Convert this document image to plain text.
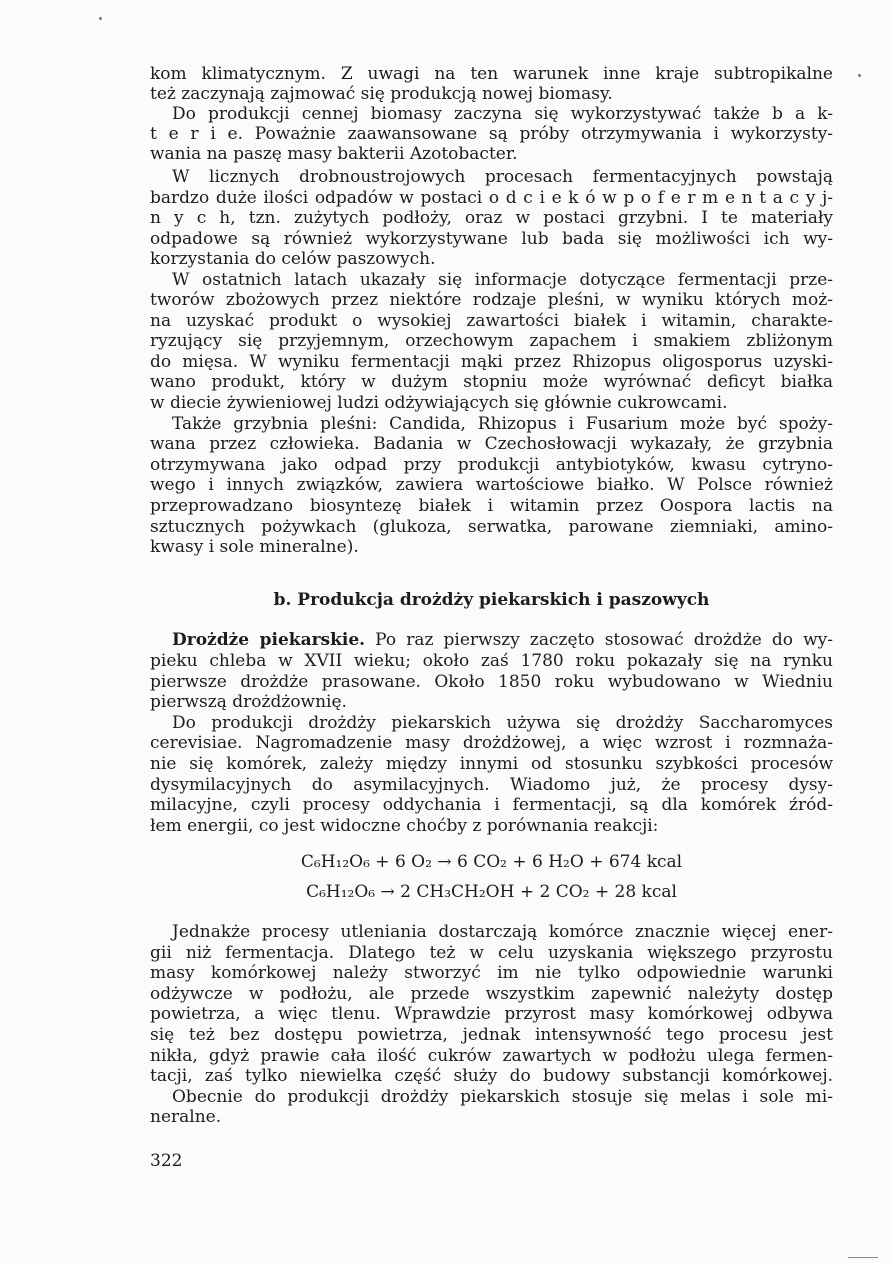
kom klimatycznym. Z uwagi na ten warunek inne kraje subtropikalne
też zaczynają zajmować się produkcją nowej biomasy.
Do produkcji cennej biomasy zaczyna się wykorzystywać także b a k-
t e r i e. Poważnie zaawansowane są próby otrzymywania i wykorzysty-
wania na paszę masy bakterii Azotobacter.
W licznych drobnoustrojowych procesach fermentacyjnych powstają
bardzo duże ilości odpadów w postaci o d c i e k ó w p o f e r m e n t a c y j-
n y c h, tzn. zużytych podłoży, oraz w postaci grzybni. I te materiały
odpadowe są również wykorzystywane lub bada się możliwości ich wy-
korzystania do celów paszowych.
W ostatnich latach ukazały się informacje dotyczące fermentacji prze-
tworów zbożowych przez niektóre rodzaje pleśni, w wyniku których moż-
na uzyskać produkt o wysokiej zawartości białek i witamin, charakte-
ryzujący się przyjemnym, orzechowym zapachem i smakiem zbliżonym
do mięsa. W wyniku fermentacji mąki przez Rhizopus oligosporus uzyski-
wano produkt, który w dużym stopniu może wyrównać deficyt białka
w diecie żywieniowej ludzi odżywiających się głównie cukrowcami.
Także grzybnia pleśni: Candida, Rhizopus i Fusarium może być spoży-
wana przez człowieka. Badania w Czechosłowacji wykazały, że grzybnia
otrzymywana jako odpad przy produkcji antybiotyków, kwasu cytryno-
wego i innych związków, zawiera wartościowe białko. W Polsce również
przeprowadzano biosyntezę białek i witamin przez Oospora lactis na
sztucznych pożywkach (glukoza, serwatka, parowane ziemniaki, amino-
kwasy i sole mineralne).
b. Produkcja drożdży piekarskich i paszowych
Drożdże piekarskie. Po raz pierwszy zaczęto stosować drożdże do wy-
pieku chleba w XVII wieku; około zaś 1780 roku pokazały się na rynku
pierwsze drożdże prasowane. Około 1850 roku wybudowano w Wiedniu
pierwszą drożdżownię.
Do produkcji drożdży piekarskich używa się drożdży Saccharomyces
cerevisiae. Nagromadzenie masy drożdżowej, a więc wzrost i rozmnaża-
nie się komórek, zależy między innymi od stosunku szybkości procesów
dysymilacyjnych do asymilacyjnych. Wiadomo już, że procesy dysy-
milacyjne, czyli procesy oddychania i fermentacji, są dla komórek źród-
łem energii, co jest widoczne choćby z porównania reakcji:
C₆H₁₂O₆ + 6 O₂ → 6 CO₂ + 6 H₂O + 674 kcal
C₆H₁₂O₆ → 2 CH₃CH₂OH + 2 CO₂ + 28 kcal
Jednakże procesy utleniania dostarczają komórce znacznie więcej ener-
gii niż fermentacja. Dlatego też w celu uzyskania większego przyrostu
masy komórkowej należy stworzyć im nie tylko odpowiednie warunki
odżywcze w podłożu, ale przede wszystkim zapewnić należyty dostęp
powietrza, a więc tlenu. Wprawdzie przyrost masy komórkowej odbywa
się też bez dostępu powietrza, jednak intensywność tego procesu jest
nikła, gdyż prawie cała ilość cukrów zawartych w podłożu ulega fermen-
tacji, zaś tylko niewielka część służy do budowy substancji komórkowej.
Obecnie do produkcji drożdży piekarskich stosuje się melas i sole mi-
neralne.
322
